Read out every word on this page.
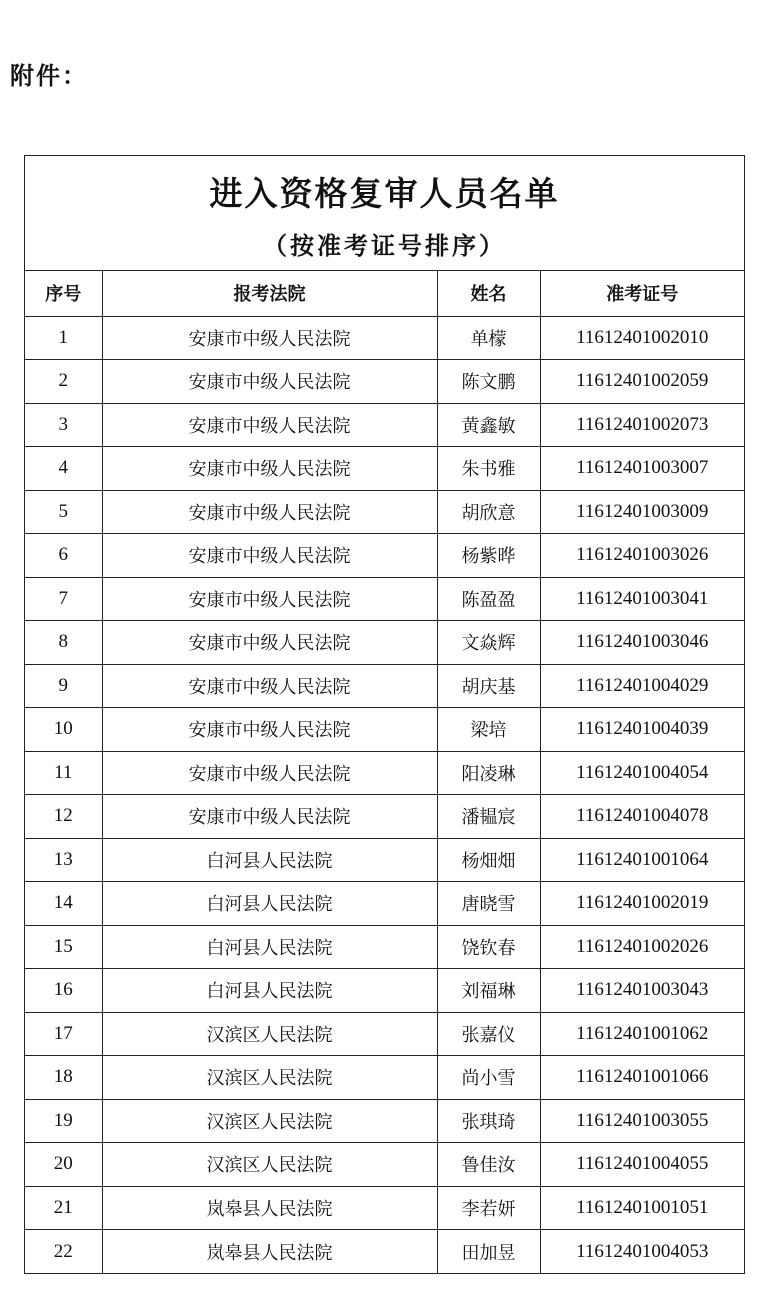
附件：
进入资格复审人员名单
（按准考证号排序）
序号	报考法院	姓名	准考证号
1	安康市中级人民法院	单檬	11612401002010
2	安康市中级人民法院	陈文鹏	11612401002059
3	安康市中级人民法院	黄鑫敏	11612401002073
4	安康市中级人民法院	朱书雅	11612401003007
5	安康市中级人民法院	胡欣意	11612401003009
6	安康市中级人民法院	杨紫晔	11612401003026
7	安康市中级人民法院	陈盈盈	11612401003041
8	安康市中级人民法院	文焱辉	11612401003046
9	安康市中级人民法院	胡庆基	11612401004029
10	安康市中级人民法院	梁培	11612401004039
11	安康市中级人民法院	阳凌琳	11612401004054
12	安康市中级人民法院	潘韫宸	11612401004078
13	白河县人民法院	杨畑畑	11612401001064
14	白河县人民法院	唐晓雪	11612401002019
15	白河县人民法院	饶钦春	11612401002026
16	白河县人民法院	刘福琳	11612401003043
17	汉滨区人民法院	张嘉仪	11612401001062
18	汉滨区人民法院	尚小雪	11612401001066
19	汉滨区人民法院	张琪琦	11612401003055
20	汉滨区人民法院	鲁佳汝	11612401004055
21	岚皋县人民法院	李若妍	11612401001051
22	岚皋县人民法院	田加昱	11612401004053
